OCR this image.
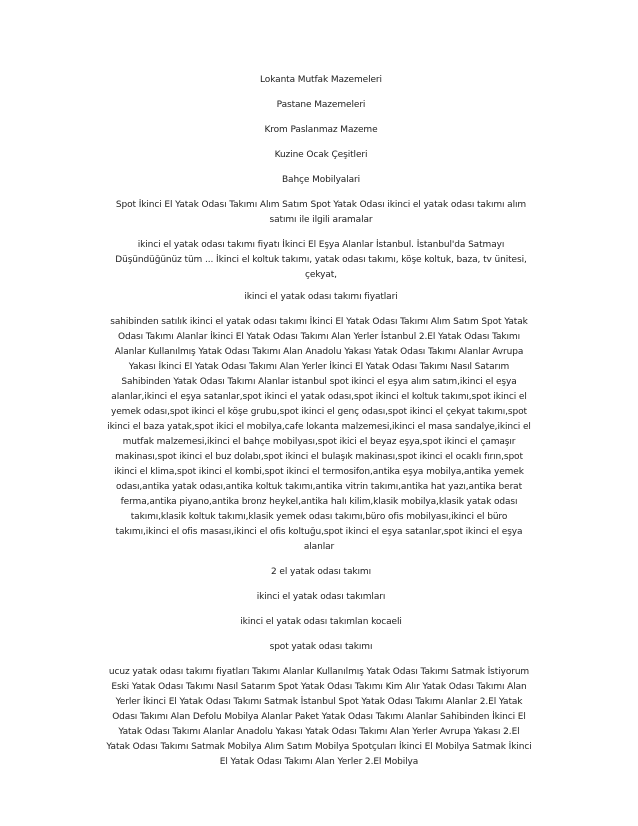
Lokanta Mutfak Mazemeleri
Pastane Mazemeleri
Krom Paslanmaz Mazeme
Kuzine Ocak Çeşitleri
Bahçe Mobilyalari
Spot İkinci El Yatak Odası Takımı Alım Satım Spot Yatak Odası ikinci el yatak odası takımı alım
satımı ile ilgili aramalar
ikinci el yatak odası takımı fiyatı İkinci El Eşya Alanlar İstanbul. İstanbul'da Satmayı
Düşündüğünüz tüm ... İkinci el koltuk takımı, yatak odası takımı, köşe koltuk, baza, tv ünitesi,
çekyat,
ikinci el yatak odası takımı fiyatlari
sahibinden satılık ikinci el yatak odası takımı İkinci El Yatak Odası Takımı Alım Satım Spot Yatak
Odası Takımı Alanlar İkinci El Yatak Odası Takımı Alan Yerler İstanbul 2.El Yatak Odası Takımı
Alanlar Kullanılmış Yatak Odası Takımı Alan Anadolu Yakası Yatak Odası Takımı Alanlar Avrupa
Yakası İkinci El Yatak Odası Takımı Alan Yerler İkinci El Yatak Odası Takımı Nasıl Satarım
Sahibinden Yatak Odası Takımı Alanlar istanbul spot ikinci el eşya alım satım,ikinci el eşya
alanlar,ikinci el eşya satanlar,spot ikinci el yatak odası,spot ikinci el koltuk takımı,spot ikinci el
yemek odası,spot ikinci el köşe grubu,spot ikinci el genç odası,spot ikinci el çekyat takımı,spot
ikinci el baza yatak,spot ikici el mobilya,cafe lokanta malzemesi,ikinci el masa sandalye,ikinci el
mutfak malzemesi,ikinci el bahçe mobilyası,spot ikici el beyaz eşya,spot ikinci el çamaşır
makinası,spot ikinci el buz dolabı,spot ikinci el bulaşık makinası,spot ikinci el ocaklı fırın,spot
ikinci el klima,spot ikinci el kombi,spot ikinci el termosifon,antika eşya mobilya,antika yemek
odası,antika yatak odası,antika koltuk takımı,antika vitrin takımı,antika hat yazı,antika berat
ferma,antika piyano,antika bronz heykel,antika halı kilim,klasik mobilya,klasik yatak odası
takımı,klasik koltuk takımı,klasik yemek odası takımı,büro ofis mobilyası,ikinci el büro
takımı,ikinci el ofis masası,ikinci el ofis koltuğu,spot ikinci el eşya satanlar,spot ikinci el eşya
alanlar
2 el yatak odası takımı
ikinci el yatak odası takımları
ikinci el yatak odası takımlan kocaeli
spot yatak odası takımı
ucuz yatak odası takımı fiyatları Takımı Alanlar Kullanılmış Yatak Odası Takımı Satmak İstiyorum
Eski Yatak Odası Takımı Nasıl Satarım Spot Yatak Odası Takımı Kim Alır Yatak Odası Takımı Alan
Yerler İkinci El Yatak Odası Takımı Satmak İstanbul Spot Yatak Odası Takımı Alanlar 2.El Yatak
Odası Takımı Alan Defolu Mobilya Alanlar Paket Yatak Odası Takımı Alanlar Sahibinden İkinci El
Yatak Odası Takımı Alanlar Anadolu Yakası Yatak Odası Takımı Alan Yerler Avrupa Yakası 2.El
Yatak Odası Takımı Satmak Mobilya Alım Satım Mobilya Spotçuları İkinci El Mobilya Satmak İkinci
El Yatak Odası Takımı Alan Yerler 2.El Mobilya
